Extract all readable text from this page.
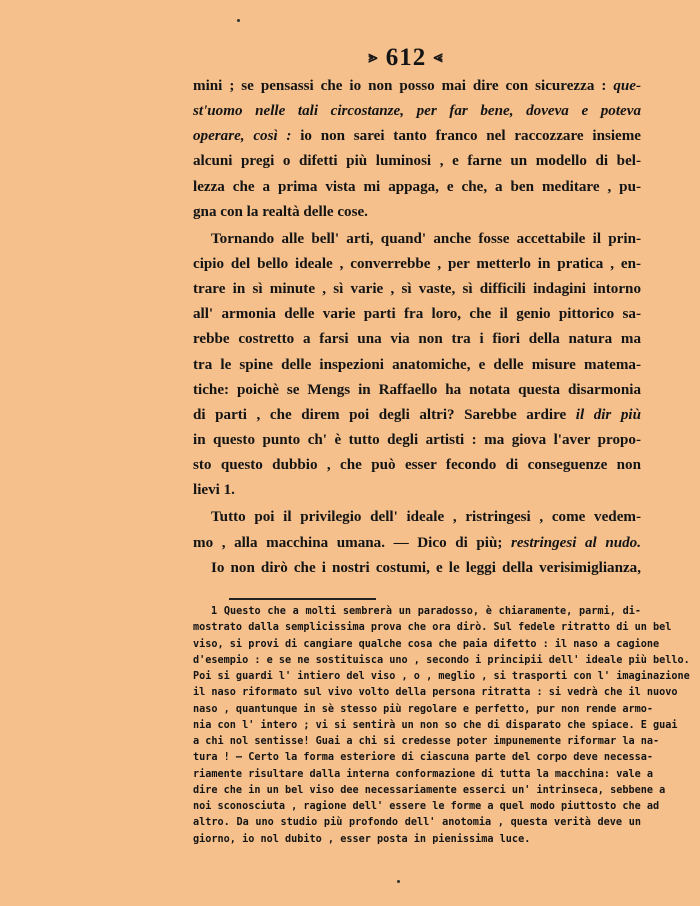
⪢ 612 ⪡
mini ; se pensassi che io non posso mai dire con sicurezza : que-
st'uomo nelle tali circostanze, per far bene, doveva e poteva
operare, così : io non sarei tanto franco nel raccozzare insieme
alcuni pregi o difetti più luminosi , e farne un modello di bel-
lezza che a prima vista mi appaga, e che, a ben meditare , pu-
gna con la realtà delle cose.
Tornando alle bell' arti, quand' anche fosse accettabile il prin-
cipio del bello ideale , converrebbe , per metterlo in pratica , en-
trare in sì minute , sì varie , sì vaste, sì difficili indagini intorno
all' armonia delle varie parti fra loro, che il genio pittorico sa-
rebbe costretto a farsi una via non tra i fiori della natura ma
tra le spine delle inspezioni anatomiche, e delle misure matema-
tiche: poichè se Mengs in Raffaello ha notata questa disarmonia
di parti , che direm poi degli altri? Sarebbe ardire il dir più
in questo punto ch' è tutto degli artisti : ma giova l'aver propo-
sto questo dubbio , che può esser fecondo di conseguenze non
lievi 1.
Tutto poi il privilegio dell' ideale , ristringesi , come vedem-
mo , alla macchina umana. — Dico di più; restringesi al nudo.
Io non dirò che i nostri costumi, e le leggi della verisimiglianza,
1 Questo che a molti sembrerà un paradosso, è chiaramente, parmi, di-
mostrato dalla semplicissima prova che ora dirò. Sul fedele ritratto di un bel
viso, si provi di cangiare qualche cosa che paia difetto : il naso a cagione
d'esempio : e se ne sostituisca uno , secondo i principii dell' ideale più bello.
Poi si guardi l' intiero del viso , o , meglio , si trasporti con l' imaginazione
il naso riformato sul vivo volto della persona ritratta : si vedrà che il nuovo
naso , quantunque in sè stesso più regolare e perfetto, pur non rende armo-
nia con l' intero ; vi si sentirà un non so che di disparato che spiace. E guai
a chi nol sentisse! Guai a chi si credesse poter impunemente riformar la na-
tura ! — Certo la forma esteriore di ciascuna parte del corpo deve necessa-
riamente risultare dalla interna conformazione di tutta la macchina: vale a
dire che in un bel viso dee necessariamente esserci un' intrinseca, sebbene a
noi sconosciuta , ragione dell' essere le forme a quel modo piuttosto che ad
altro. Da uno studio più profondo dell' anotomia , questa verità deve un
giorno, io nol dubito , esser posta in pienissima luce.
